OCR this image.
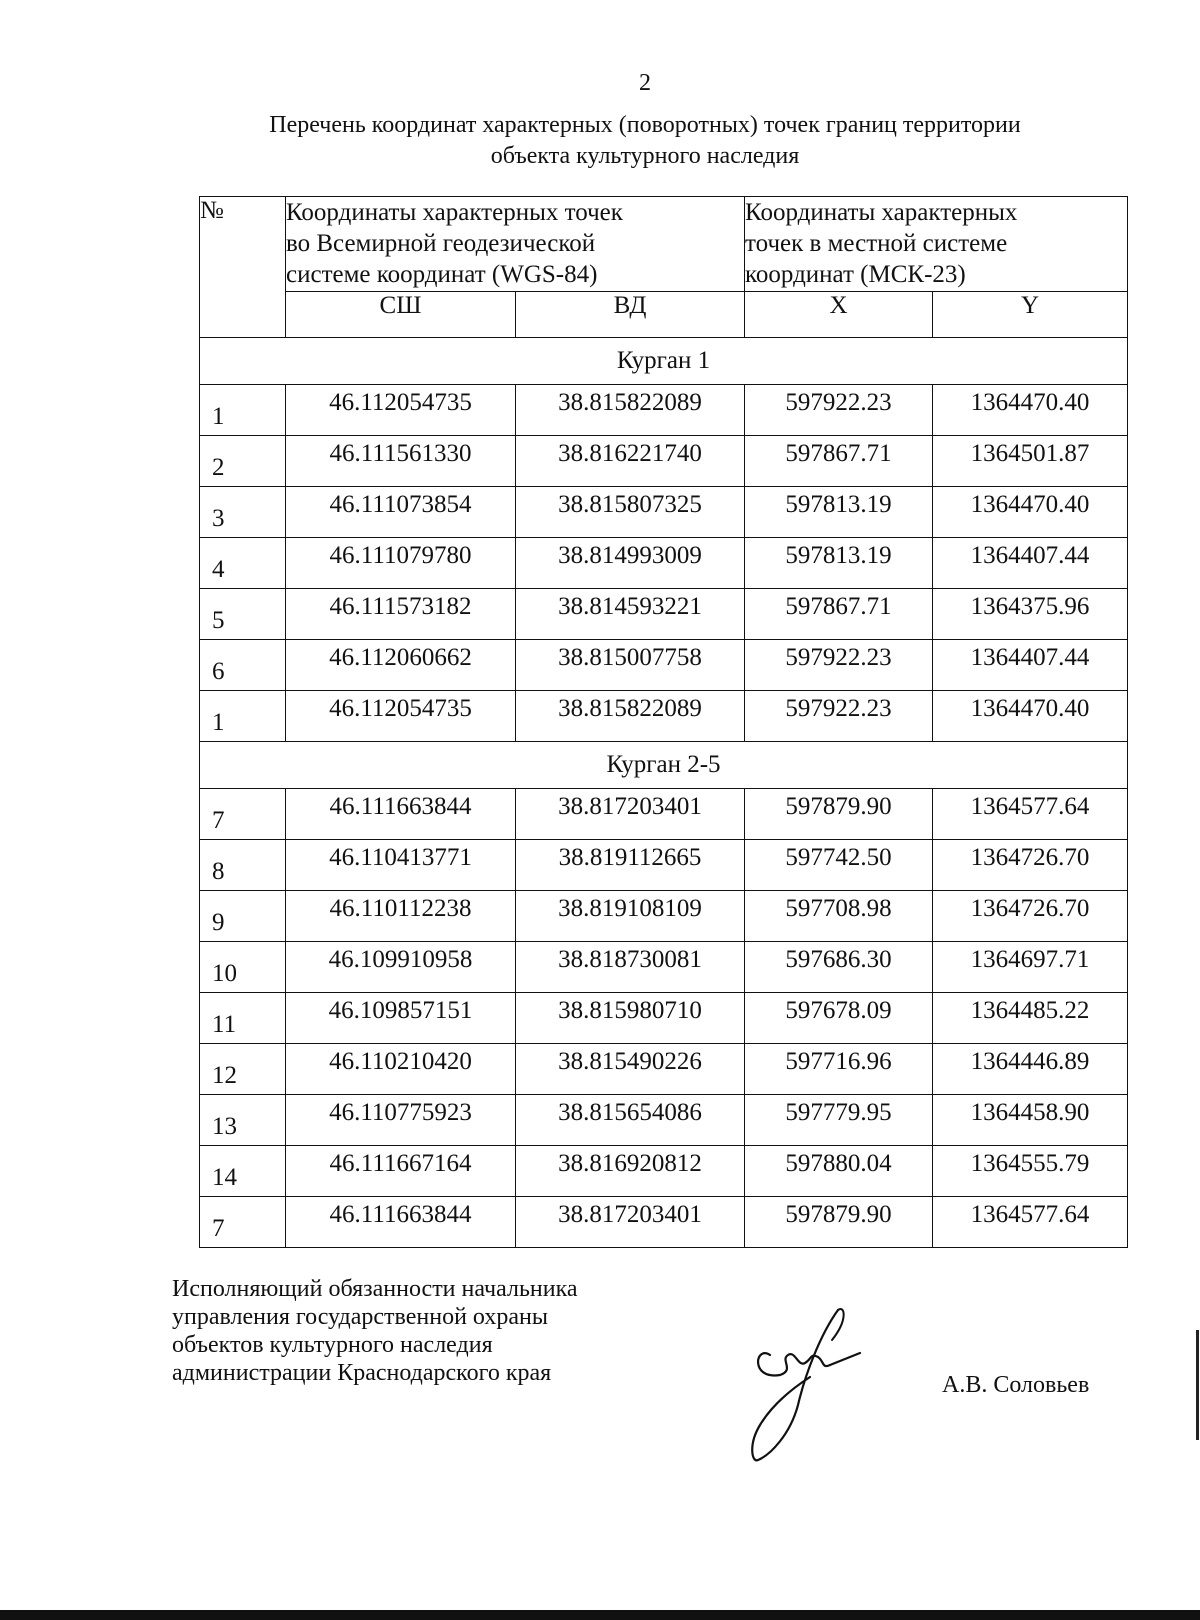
2
Перечень координат характерных (поворотных) точек границ территории
объекта культурного наследия
№	Координаты характерных точек
во Всемирной геодезической
системе координат (WGS-84)		Координаты характерных
точек в местной системе
координат (МСК-23)	

	СШ	ВД	X	Y
Курган 1				
1	46.112054735	38.815822089	597922.23	1364470.40
2	46.111561330	38.816221740	597867.71	1364501.87
3	46.111073854	38.815807325	597813.19	1364470.40
4	46.111079780	38.814993009	597813.19	1364407.44
5	46.111573182	38.814593221	597867.71	1364375.96
6	46.112060662	38.815007758	597922.23	1364407.44
1	46.112054735	38.815822089	597922.23	1364470.40
Курган 2-5				
7	46.111663844	38.817203401	597879.90	1364577.64
8	46.110413771	38.819112665	597742.50	1364726.70
9	46.110112238	38.819108109	597708.98	1364726.70
10	46.109910958	38.818730081	597686.30	1364697.71
11	46.109857151	38.815980710	597678.09	1364485.22
12	46.110210420	38.815490226	597716.96	1364446.89
13	46.110775923	38.815654086	597779.95	1364458.90
14	46.111667164	38.816920812	597880.04	1364555.79
7	46.111663844	38.817203401	597879.90	1364577.64
Исполняющий обязанности начальника
управления государственной охраны
объектов культурного наследия
администрации Краснодарского края	А.В. Соловьев
